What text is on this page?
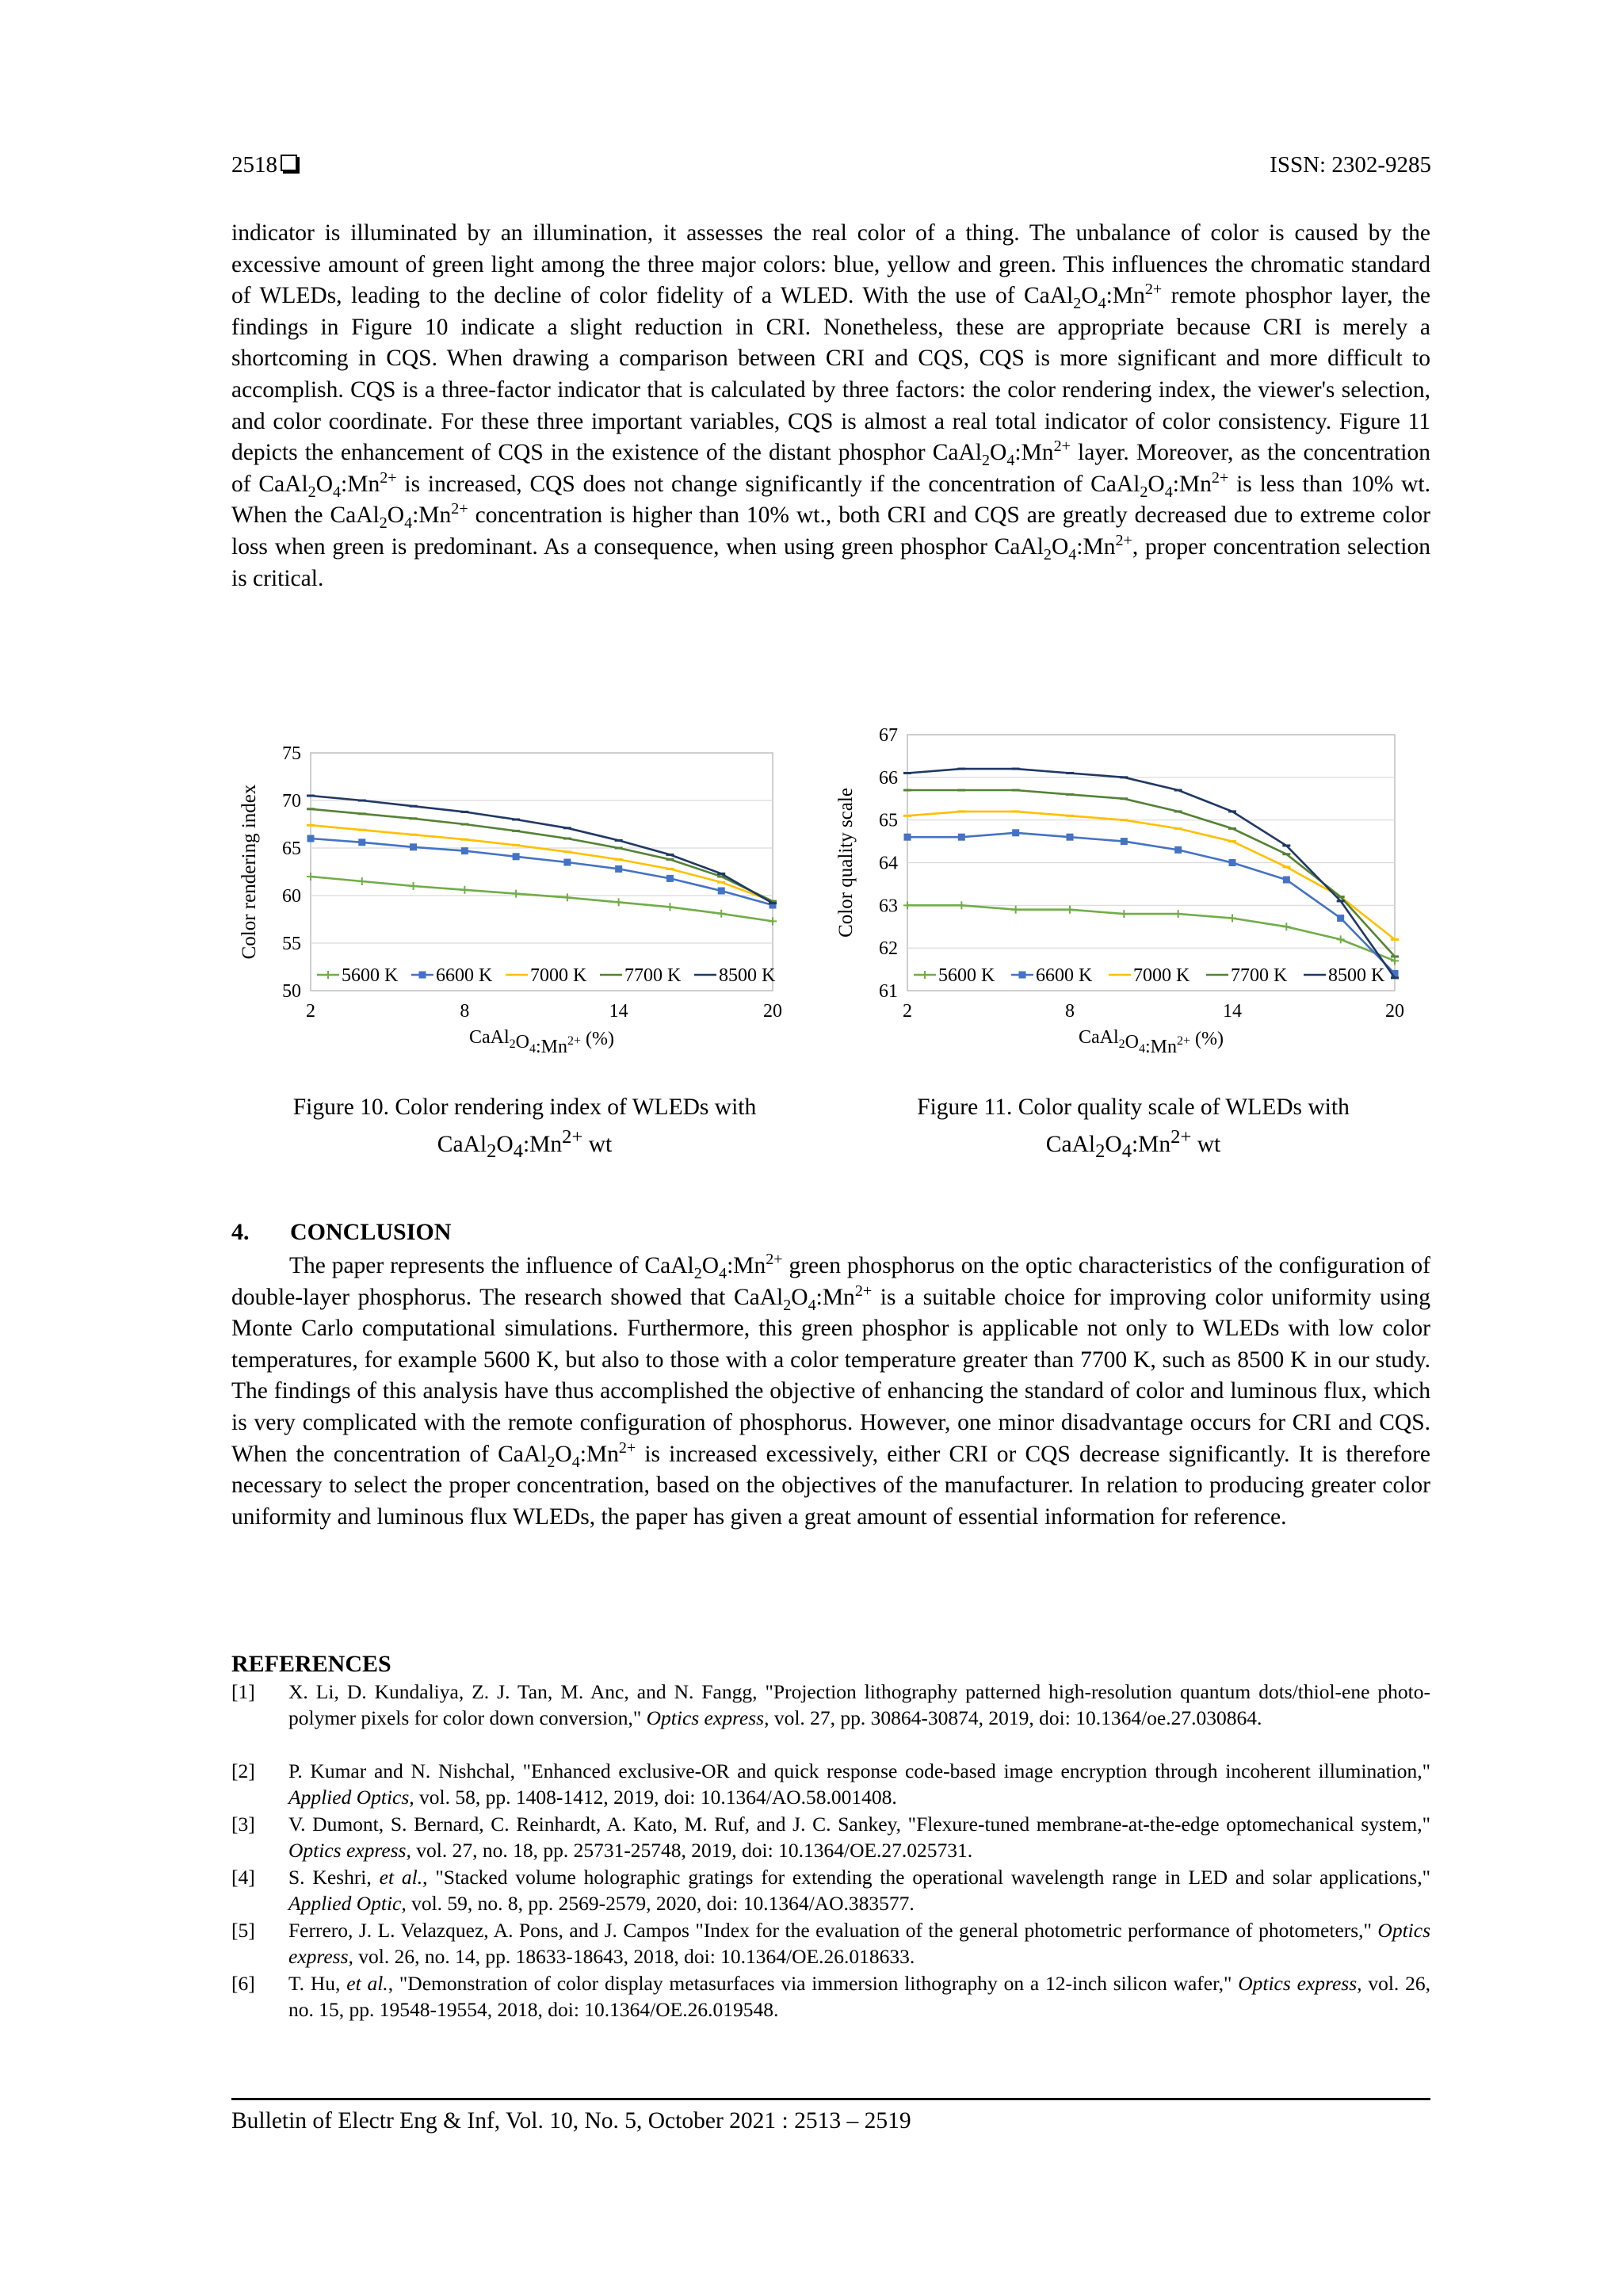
2518	ISSN: 2302-9285
indicator is illuminated by an illumination, it assesses the real color of a thing. The unbalance of color is caused by the excessive amount of green light among the three major colors: blue, yellow and green. This influences the chromatic standard of WLEDs, leading to the decline of color fidelity of a WLED. With the use of $CaAl_2O_4:Mn^{2+}$ remote phosphor layer, the findings in Figure 10 indicate a slight reduction in CRI. Nonetheless, these are appropriate because CRI is merely a shortcoming in CQS. When drawing a comparison between CRI and CQS, CQS is more significant and more difficult to accomplish. CQS is a three-factor indicator that is calculated by three factors: the color rendering index, the viewer's selection, and color coordinate. For these three important variables, CQS is almost a real total indicator of color consistency. Figure 11 depicts the enhancement of CQS in the existence of the distant phosphor $CaAl_2O_4:Mn^{2+}$ layer. Moreover, as the concentration of $CaAl_2O_4:Mn^{2+}$ is increased, CQS does not change significantly if the concentration of $CaAl_2O_4:Mn^{2+}$ is less than 10% wt. When the $CaAl_2O_4:Mn^{2+}$ concentration is higher than 10% wt., both CRI and CQS are greatly decreased due to extreme color loss when green is predominant. As a consequence, when using green phosphor $CaAl_2O_4:Mn^{2+}$, proper concentration selection is critical.
50
55
60
65
70
75
2	8	14	20
Color rendering index
$CaAl_2O_4:Mn^{2+}$ (%)
5600 K 6600 K 7000 K 7700 K 8500 K
61
62
63
64
65
66
67
2	8	14	20
Color quality scale
$CaAl_2O_4:Mn^{2+}$ (%)
5600 K 6600 K 7000 K 7700 K 8500 K
Figure 10. Color rendering index of WLEDs with
$CaAl_2O_4:Mn^{2+}$ wt
Figure 11. Color quality scale of WLEDs with
$CaAl_2O_4:Mn^{2+}$ wt
4. CONCLUSION
The paper represents the influence of $CaAl_2O_4:Mn^{2+}$ green phosphorus on the optic characteristics of the configuration of double-layer phosphorus. The research showed that $CaAl_2O_4:Mn^{2+}$ is a suitable choice for improving color uniformity using Monte Carlo computational simulations. Furthermore, this green phosphor is applicable not only to WLEDs with low color temperatures, for example 5600 K, but also to those with a color temperature greater than 7700 K, such as 8500 K in our study. The findings of this analysis have thus accomplished the objective of enhancing the standard of color and luminous flux, which is very complicated with the remote configuration of phosphorus. However, one minor disadvantage occurs for CRI and CQS. When the concentration of $CaAl_2O_4:Mn^{2+}$ is increased excessively, either CRI or CQS decrease significantly. It is therefore necessary to select the proper concentration, based on the objectives of the manufacturer. In relation to producing greater color uniformity and luminous flux WLEDs, the paper has given a great amount of essential information for reference.
REFERENCES
[1] X. Li, D. Kundaliya, Z. J. Tan, M. Anc, and N. Fangg, "Projection lithography patterned high-resolution quantum dots/thiol-ene photo-polymer pixels for color down conversion," Optics express, vol. 27, pp. 30864-30874, 2019, doi: 10.1364/oe.27.030864.
[2] P. Kumar and N. Nishchal, "Enhanced exclusive-OR and quick response code-based image encryption through incoherent illumination," Applied Optics, vol. 58, pp. 1408-1412, 2019, doi: 10.1364/AO.58.001408.
[3] V. Dumont, S. Bernard, C. Reinhardt, A. Kato, M. Ruf, and J. C. Sankey, "Flexure-tuned membrane-at-the-edge optomechanical system," Optics express, vol. 27, no. 18, pp. 25731-25748, 2019, doi: 10.1364/OE.27.025731.
[4] S. Keshri, et al., "Stacked volume holographic gratings for extending the operational wavelength range in LED and solar applications," Applied Optic, vol. 59, no. 8, pp. 2569-2579, 2020, doi: 10.1364/AO.383577.
[5] Ferrero, J. L. Velazquez, A. Pons, and J. Campos "Index for the evaluation of the general photometric performance of photometers," Optics express, vol. 26, no. 14, pp. 18633-18643, 2018, doi: 10.1364/OE.26.018633.
[6] T. Hu, et al., "Demonstration of color display metasurfaces via immersion lithography on a 12-inch silicon wafer," Optics express, vol. 26, no. 15, pp. 19548-19554, 2018, doi: 10.1364/OE.26.019548.
Bulletin of Electr Eng & Inf, Vol. 10, No. 5, October 2021 : 2513 – 2519
